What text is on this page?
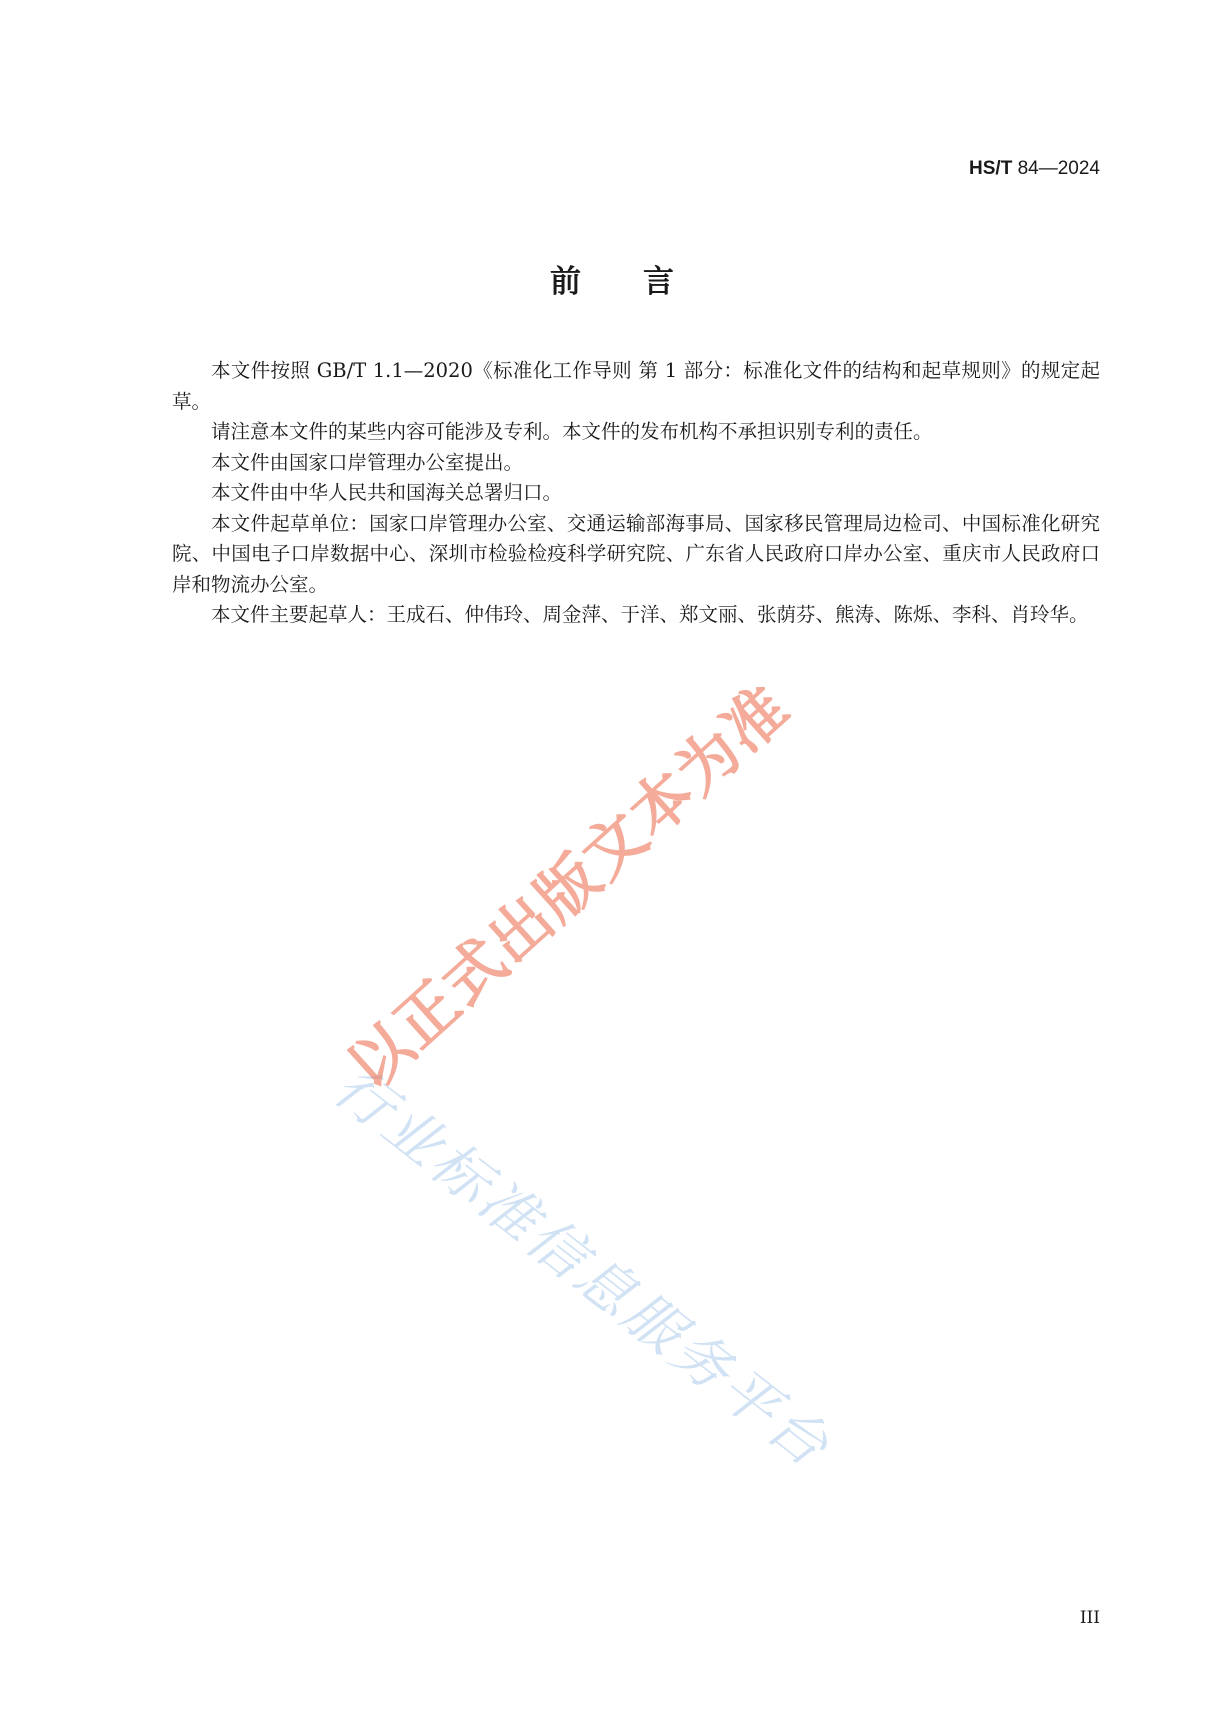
HS/T 84—2024
前言

本文件按照 GB/T 1.1—2020《标准化工作导则 第 1 部分：标准化文件的结构和起草规则》的规定起草。

请注意本文件的某些内容可能涉及专利。本文件的发布机构不承担识别专利的责任。

本文件由国家口岸管理办公室提出。

本文件由中华人民共和国海关总署归口。

本文件起草单位：国家口岸管理办公室、交通运输部海事局、国家移民管理局边检司、中国标准化研究院、中国电子口岸数据中心、深圳市检验检疫科学研究院、广东省人民政府口岸办公室、重庆市人民政府口岸和物流办公室。

本文件主要起草人：王成石、仲伟玲、周金萍、于洋、郑文丽、张荫芬、熊涛、陈烁、李科、肖玲华。

行业标准信息服务平台
以正式出版文本为准
III
